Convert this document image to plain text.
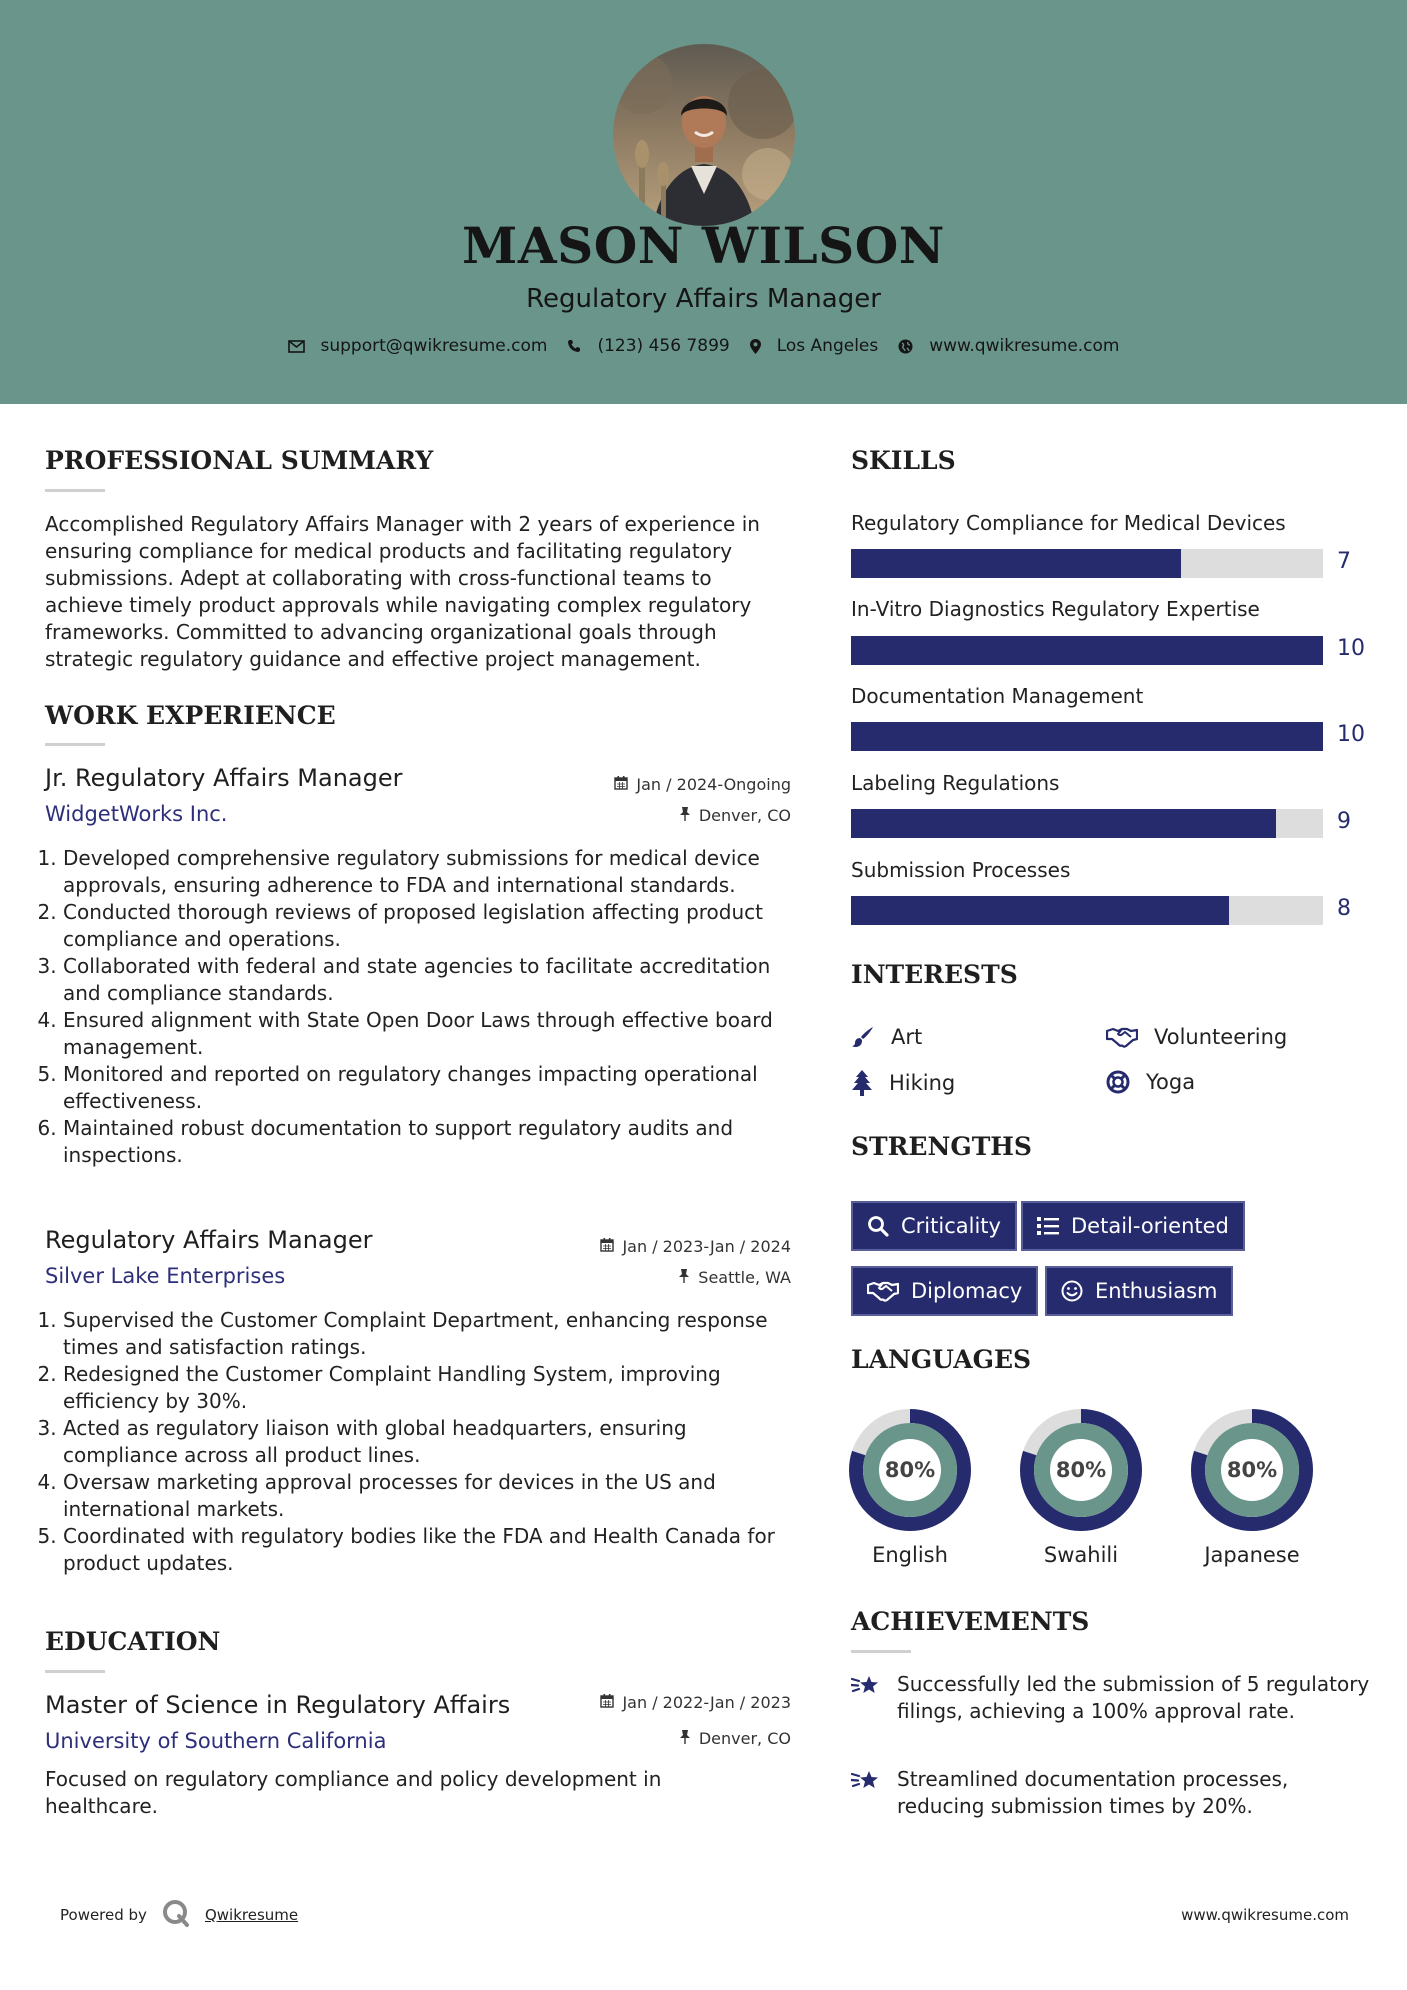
MASON WILSON
Regulatory Affairs Manager
support@qwikresume.com	(123) 456 7899	Los Angeles	www.qwikresume.com
PROFESSIONAL SUMMARY
Accomplished Regulatory Affairs Manager with 2 years of experience in
ensuring compliance for medical products and facilitating regulatory
submissions. Adept at collaborating with cross-functional teams to
achieve timely product approvals while navigating complex regulatory
frameworks. Committed to advancing organizational goals through
strategic regulatory guidance and effective project management.
WORK EXPERIENCE
Jr. Regulatory Affairs Manager	Jan / 2024-Ongoing
WidgetWorks Inc.	Denver, CO
1. Developed comprehensive regulatory submissions for medical device approvals, ensuring adherence to FDA and international standards.
2. Conducted thorough reviews of proposed legislation affecting product compliance and operations.
3. Collaborated with federal and state agencies to facilitate accreditation and compliance standards.
4. Ensured alignment with State Open Door Laws through effective board management.
5. Monitored and reported on regulatory changes impacting operational effectiveness.
6. Maintained robust documentation to support regulatory audits and inspections.
Regulatory Affairs Manager	Jan / 2023-Jan / 2024
Silver Lake Enterprises	Seattle, WA
1. Supervised the Customer Complaint Department, enhancing response times and satisfaction ratings.
2. Redesigned the Customer Complaint Handling System, improving efficiency by 30%.
3. Acted as regulatory liaison with global headquarters, ensuring compliance across all product lines.
4. Oversaw marketing approval processes for devices in the US and international markets.
5. Coordinated with regulatory bodies like the FDA and Health Canada for product updates.
EDUCATION
Master of Science in Regulatory Affairs	Jan / 2022-Jan / 2023
University of Southern California	Denver, CO
Focused on regulatory compliance and policy development in healthcare.
SKILLS
Regulatory Compliance for Medical Devices
7
In-Vitro Diagnostics Regulatory Expertise
10
Documentation Management
10
Labeling Regulations
9
Submission Processes
8
INTERESTS
Art	Volunteering
Hiking	Yoga
STRENGTHS
Criticality	Detail-oriented
Diplomacy	Enthusiasm
LANGUAGES
80%
English
80%
Swahili
80%
Japanese
ACHIEVEMENTS
Successfully led the submission of 5 regulatory filings, achieving a 100% approval rate.
Streamlined documentation processes, reducing submission times by 20%.
Powered by	Qwikresume	www.qwikresume.com
